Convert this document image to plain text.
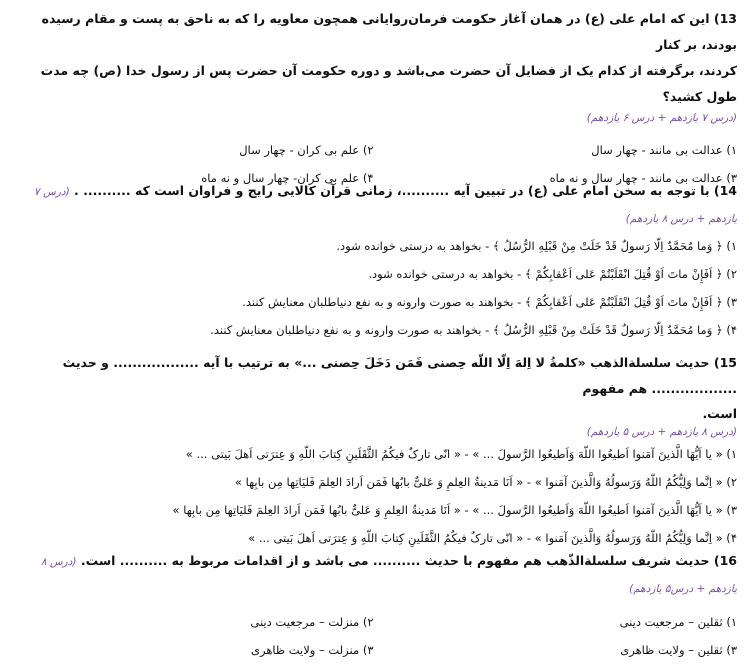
13) این که امام علی (ع) در همان آغاز حکومت فرمان‌روایانی همچون معاویه را که به ناحق به پست و مقام رسیده بودند، بر کنار
کردند، برگرفته از کدام یک از فضایل آن حضرت می‌باشد و دوره حکومت آن حضرت پس از رسول خدا (ص) چه مدت طول کشید؟
(درس ۷ یازدهم + درس ۶ یازدهم)
۱) عدالت بی مانند - چهار سال
۲) علم بی کران - چهار سال
۳) عدالت بی مانند - چهار سال و نه ماه
۴) علم بی کران- چهار سال و نه ماه
14) با توجه به سخن امام علی (ع) در تبیین آیه ..........، زمانی قرآن کالایی رایج و فراوان است که .......... . (درس ۷ یازدهم + درس ۸ یازدهم)
۱) ﴿ وَما مُحَمَّدٌ اِلّا رَسولٌ قَدْ خَلَتْ مِنْ قَبْلِهِ الرُّسُلُ ﴾ - بخواهد به درستی خوانده شود.
۲) ﴿ اَفَإِنْ ماتَ اَوْ قُتِلَ انْقَلَبْتُمْ عَلی اَعْقابِکُمْ ﴾ - بخواهد به درستی خوانده شود.
۳) ﴿ اَفَإِنْ ماتَ اَوْ قُتِلَ انْقَلَبْتُمْ عَلی اَعْقابِکُمْ ﴾ - بخواهند به صورت وارونه و به نفع دنیاطلبان معنایش کنند.
۴) ﴿ وَما مُحَمَّدٌ اِلّا رَسولٌ قَدْ خَلَتْ مِنْ قَبْلِهِ الرُّسُلُ ﴾ - بخواهند به صورت وارونه و به نفع دنیاطلبان معنایش کنند.
15) حدیث سلسلة‌الذهب «کلمةُ لا اِلهَ اِلّا اللّه حِصنی فَمَن دَخَلَ حِصنی ...» به ترتیب با آیه .................. و حدیث .................. هم مفهوم
است.
(درس ۸ یازدهم + درس ۵ یازدهم)
۱) « یا اَیُّهَا الَّذینَ آمَنوا اَطیعُوا اللّهَ وَاَطیعُوا الرَّسولَ ... » - « انّی تارکٌ فیکُمُ الثَّقَلَینِ کِتابَ اللّهِ وَ عِترَتی اَهلَ بَیتی ... »
۲) « اِنَّما وَلِیُّکُمُ اللّهُ وَرَسولُهُ وَالَّذینَ آمَنوا » - « اَنَا مَدینةُ العِلمِ وَ عَلیٌّ بابُها فَمَن اَرادَ العِلمَ فَلیَاتِها مِن بابِها »
۳) « یا اَیُّهَا الَّذینَ آمَنوا اَطیعُوا اللّهَ وَاَطیعُوا الرَّسولَ ... » - « اَنَا مَدینةُ العِلمِ وَ عَلیٌّ بابُها فَمَن اَرادَ العِلمَ فَلیَاتِها مِن بابِها »
۴) « اِنَّما وَلِیُّکُمُ اللّهُ وَرَسولُهُ وَالَّذینَ آمَنوا » - « انّی تارکٌ فیکُمُ الثَّقَلَینِ کِتابَ اللّهِ وَ عِترَتی اَهلَ بَیتی ... »
16) حدیث شریف سلسلةالذّهب هم مفهوم با حدیث .......... می باشد و از اقدامات مربوط به .......... است. (درس ۸ یازدهم + درس۵ یازدهم)
۱) ثقلین – مرجعیت دینی
۲) منزلت – مرجعیت دینی
۳) ثقلین – ولایت ظاهری
۳) منزلت – ولایت ظاهری
